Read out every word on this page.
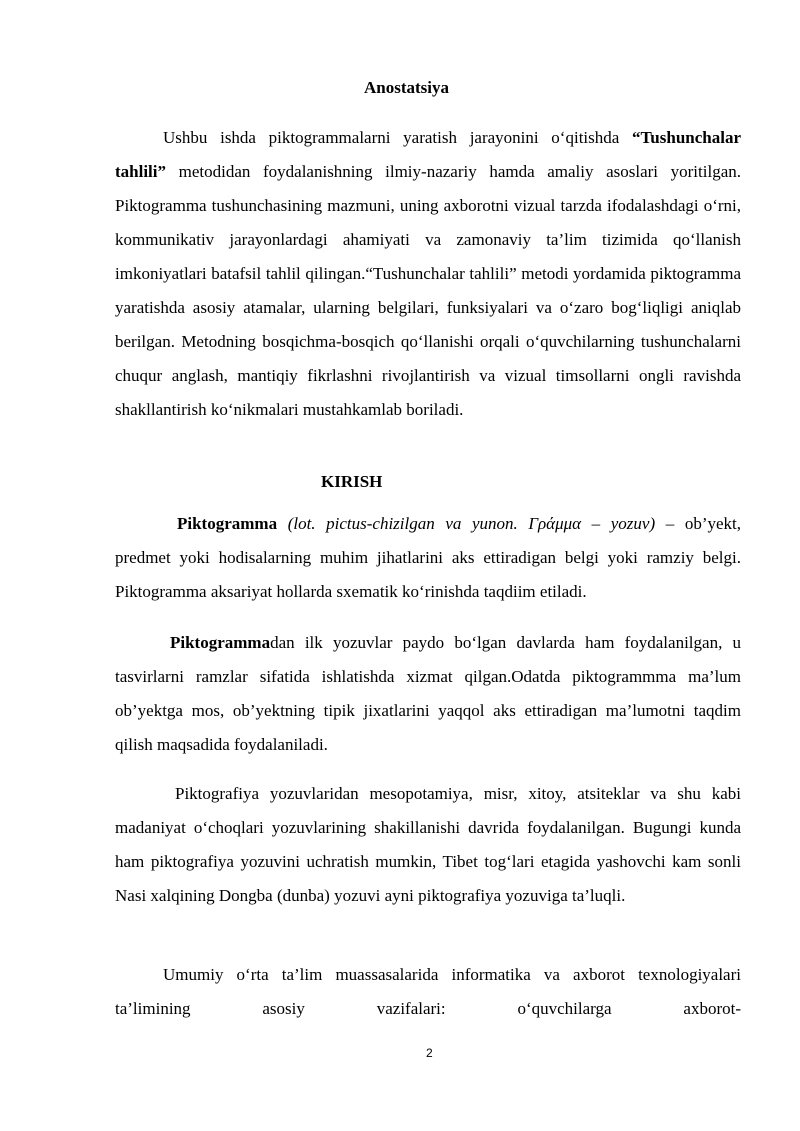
Anostatsiya

Ushbu ishda piktogrammalarni yaratish jarayonini o‘qitishda “Tushunchalar tahlili” metodidan foydalanishning ilmiy-nazariy hamda amaliy asoslari yoritilgan. Piktogramma tushunchasining mazmuni, uning axborotni vizual tarzda ifodalashdagi o‘rni, kommunikativ jarayonlardagi ahamiyati va zamonaviy ta’lim tizimida qo‘llanish imkoniyatlari batafsil tahlil qilingan.“Tushunchalar tahlili” metodi yordamida piktogramma yaratishda asosiy atamalar, ularning belgilari, funksiyalari va o‘zaro bog‘liqligi aniqlab berilgan. Metodning bosqichma-bosqich qo‘llanishi orqali o‘quvchilarning tushunchalarni chuqur anglash, mantiqiy fikrlashni rivojlantirish va vizual timsollarni ongli ravishda shakllantirish ko‘nikmalari mustahkamlab boriladi.

KIRISH

Piktogramma (lot. pictus-chizilgan va yunon. Γράμμα – yozuv) – ob’yekt, predmet yoki hodisalarning muhim jihatlarini aks ettiradigan belgi yoki ramziy belgi. Piktogramma aksariyat hollarda sxematik ko‘rinishda taqdiim etiladi.

Piktogrammadan ilk yozuvlar paydo bo‘lgan davlarda ham foydalanilgan, u tasvirlarni ramzlar sifatida ishlatishda xizmat qilgan.Odatda piktogrammma ma’lum ob’yektga mos, ob’yektning tipik jixatlarini yaqqol aks ettiradigan ma’lumotni taqdim qilish maqsadida foydalaniladi.

Piktografiya yozuvlaridan mesopotamiya, misr, xitoy, atsiteklar va shu kabi madaniyat o‘choqlari yozuvlarining shakillanishi davrida foydalanilgan. Bugungi kunda ham piktografiya yozuvini uchratish mumkin, Tibet tog‘lari etagida yashovchi kam sonli Nasi xalqining Dongba (dunba) yozuvi ayni piktografiya yozuviga ta’luqli.

Umumiy o‘rta ta’lim muassasalarida informatika va axborot texnologiyalari ta’limining asosiy vazifalari: o‘quvchilarga axborot-

2
